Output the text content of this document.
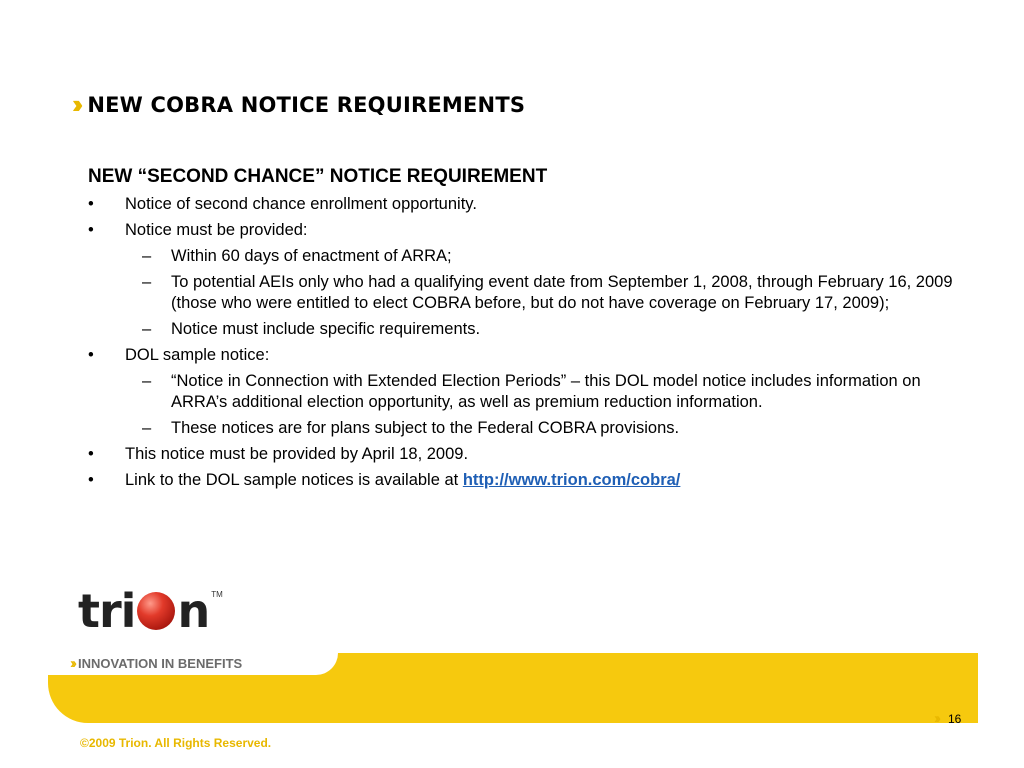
›› NEW COBRA NOTICE REQUIREMENTS
NEW “SECOND CHANCE” NOTICE REQUIREMENT
• Notice of second chance enrollment opportunity.
• Notice must be provided:
– Within 60 days of enactment of ARRA;
– To potential AEIs only who had a qualifying event date from September 1, 2008, through February 16, 2009 (those who were entitled to elect COBRA before, but do not have coverage on February 17, 2009);
– Notice must include specific requirements.
• DOL sample notice:
– “Notice in Connection with Extended Election Periods” – this DOL model notice includes information on ARRA’s additional election opportunity, as well as premium reduction information.
– These notices are for plans subject to the Federal COBRA provisions.
• This notice must be provided by April 18, 2009.
• Link to the DOL sample notices is available at http://www.trion.com/cobra/
tri n TM
›› INNOVATION IN BENEFITS
›› 16
©2009 Trion. All Rights Reserved.
